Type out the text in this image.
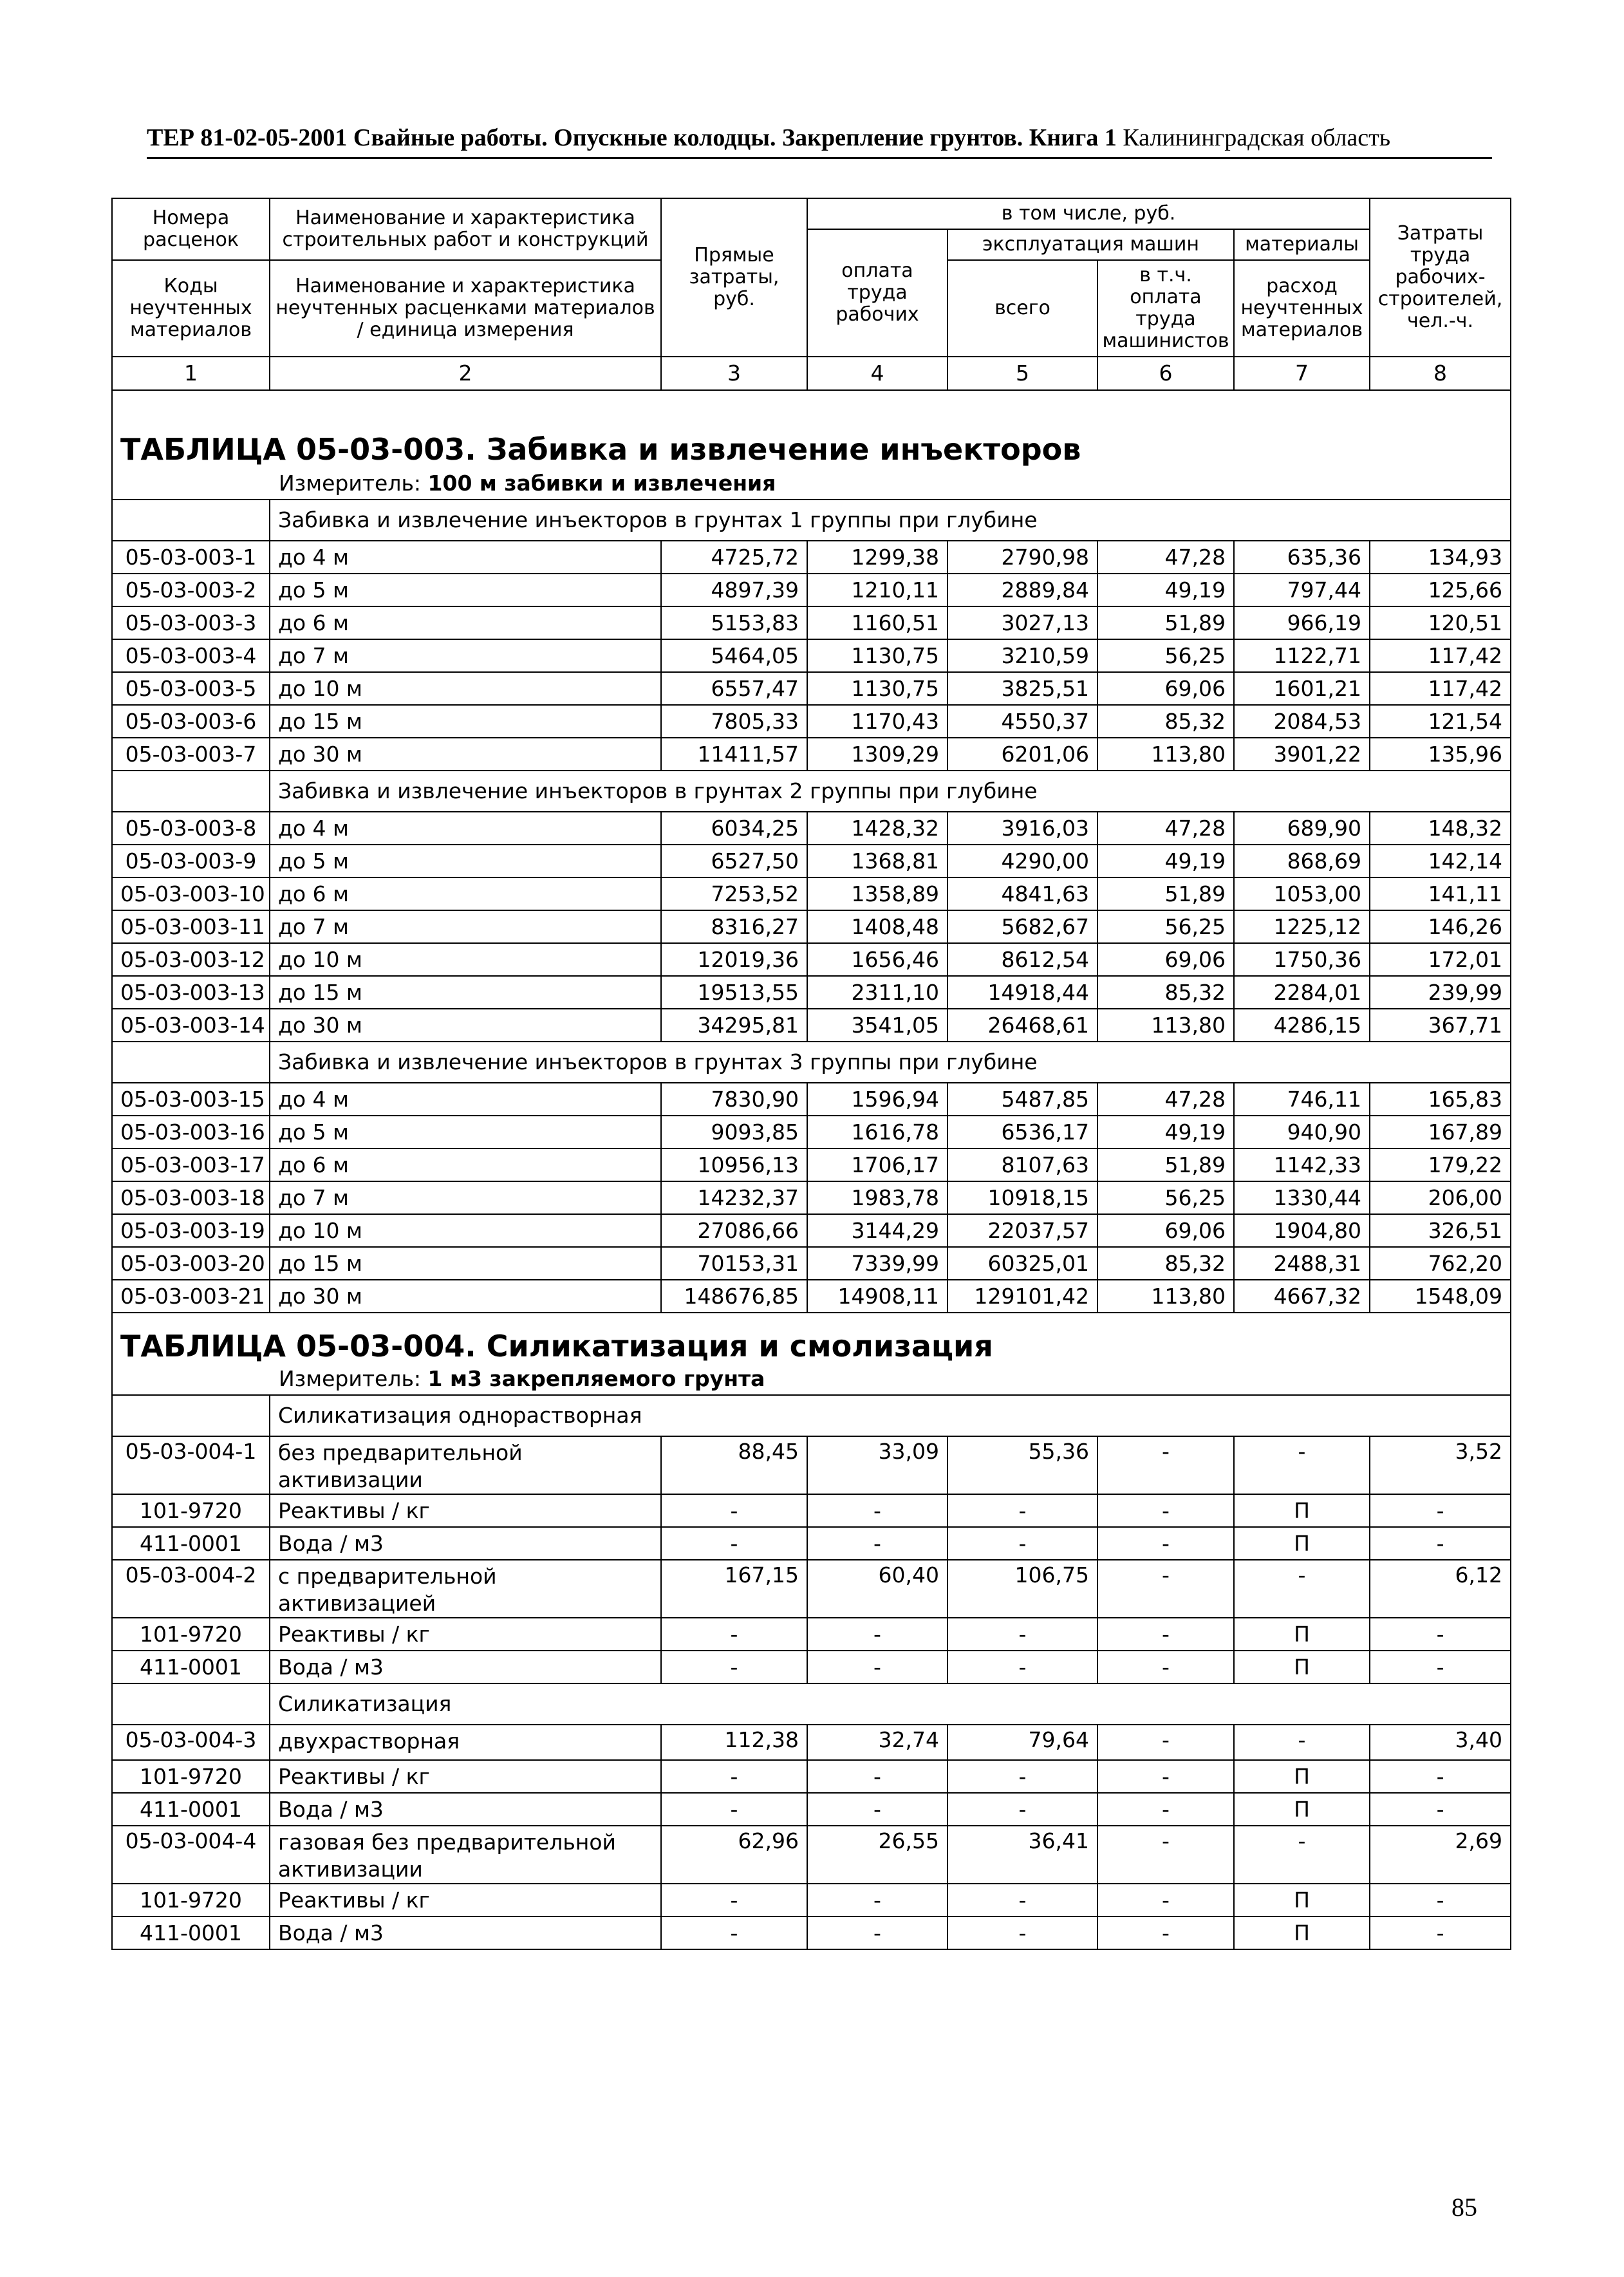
ТЕР 81-02-05-2001 Свайные работы. Опускные колодцы. Закрепление грунтов. Книга 1 Калининградская область
Номера расценок	Наименование и характеристика строительных работ и конструкций	Прямые затраты, руб.	в том числе, руб.				Затраты труда рабочих-строителей, чел.-ч.
			оплата труда рабочих	эксплуатация машин		материалы	
Коды неучтенных материалов	Наименование и характеристика неучтенных расценками материалов / единица измерения			всего	в т.ч. оплата труда машинистов	расход неучтенных материалов	

1	2	3	4	5	6	7	8
ТАБЛИЦА 05-03-003. Забивка и извлечение инъекторов							
Измеритель: 100 м забивки и извлечения							
	Забивка и извлечение инъекторов в грунтах 1 группы при глубине						
05-03-003-1	до 4 м	4725,72	1299,38	2790,98	47,28	635,36	134,93
05-03-003-2	до 5 м	4897,39	1210,11	2889,84	49,19	797,44	125,66
05-03-003-3	до 6 м	5153,83	1160,51	3027,13	51,89	966,19	120,51
05-03-003-4	до 7 м	5464,05	1130,75	3210,59	56,25	1122,71	117,42
05-03-003-5	до 10 м	6557,47	1130,75	3825,51	69,06	1601,21	117,42
05-03-003-6	до 15 м	7805,33	1170,43	4550,37	85,32	2084,53	121,54
05-03-003-7	до 30 м	11411,57	1309,29	6201,06	113,80	3901,22	135,96
	Забивка и извлечение инъекторов в грунтах 2 группы при глубине						
05-03-003-8	до 4 м	6034,25	1428,32	3916,03	47,28	689,90	148,32
05-03-003-9	до 5 м	6527,50	1368,81	4290,00	49,19	868,69	142,14
05-03-003-10	до 6 м	7253,52	1358,89	4841,63	51,89	1053,00	141,11
05-03-003-11	до 7 м	8316,27	1408,48	5682,67	56,25	1225,12	146,26
05-03-003-12	до 10 м	12019,36	1656,46	8612,54	69,06	1750,36	172,01
05-03-003-13	до 15 м	19513,55	2311,10	14918,44	85,32	2284,01	239,99
05-03-003-14	до 30 м	34295,81	3541,05	26468,61	113,80	4286,15	367,71
	Забивка и извлечение инъекторов в грунтах 3 группы при глубине						
05-03-003-15	до 4 м	7830,90	1596,94	5487,85	47,28	746,11	165,83
05-03-003-16	до 5 м	9093,85	1616,78	6536,17	49,19	940,90	167,89
05-03-003-17	до 6 м	10956,13	1706,17	8107,63	51,89	1142,33	179,22
05-03-003-18	до 7 м	14232,37	1983,78	10918,15	56,25	1330,44	206,00
05-03-003-19	до 10 м	27086,66	3144,29	22037,57	69,06	1904,80	326,51
05-03-003-20	до 15 м	70153,31	7339,99	60325,01	85,32	2488,31	762,20
05-03-003-21	до 30 м	148676,85	14908,11	129101,42	113,80	4667,32	1548,09
ТАБЛИЦА 05-03-004. Силикатизация и смолизация							
Измеритель: 1 м3 закрепляемого грунта							
	Силикатизация однорастворная						
05-03-004-1	без предварительной активизации	88,45	33,09	55,36	-	-	3,52
101-9720	Реактивы / кг	-	-	-	-	П	-
411-0001	Вода / м3	-	-	-	-	П	-
05-03-004-2	с предварительной активизацией	167,15	60,40	106,75	-	-	6,12
101-9720	Реактивы / кг	-	-	-	-	П	-
411-0001	Вода / м3	-	-	-	-	П	-
	Силикатизация						
05-03-004-3	двухрастворная	112,38	32,74	79,64	-	-	3,40
101-9720	Реактивы / кг	-	-	-	-	П	-
411-0001	Вода / м3	-	-	-	-	П	-
05-03-004-4	газовая без предварительной активизации	62,96	26,55	36,41	-	-	2,69
101-9720	Реактивы / кг	-	-	-	-	П	-
411-0001	Вода / м3	-	-	-	-	П	-
85
